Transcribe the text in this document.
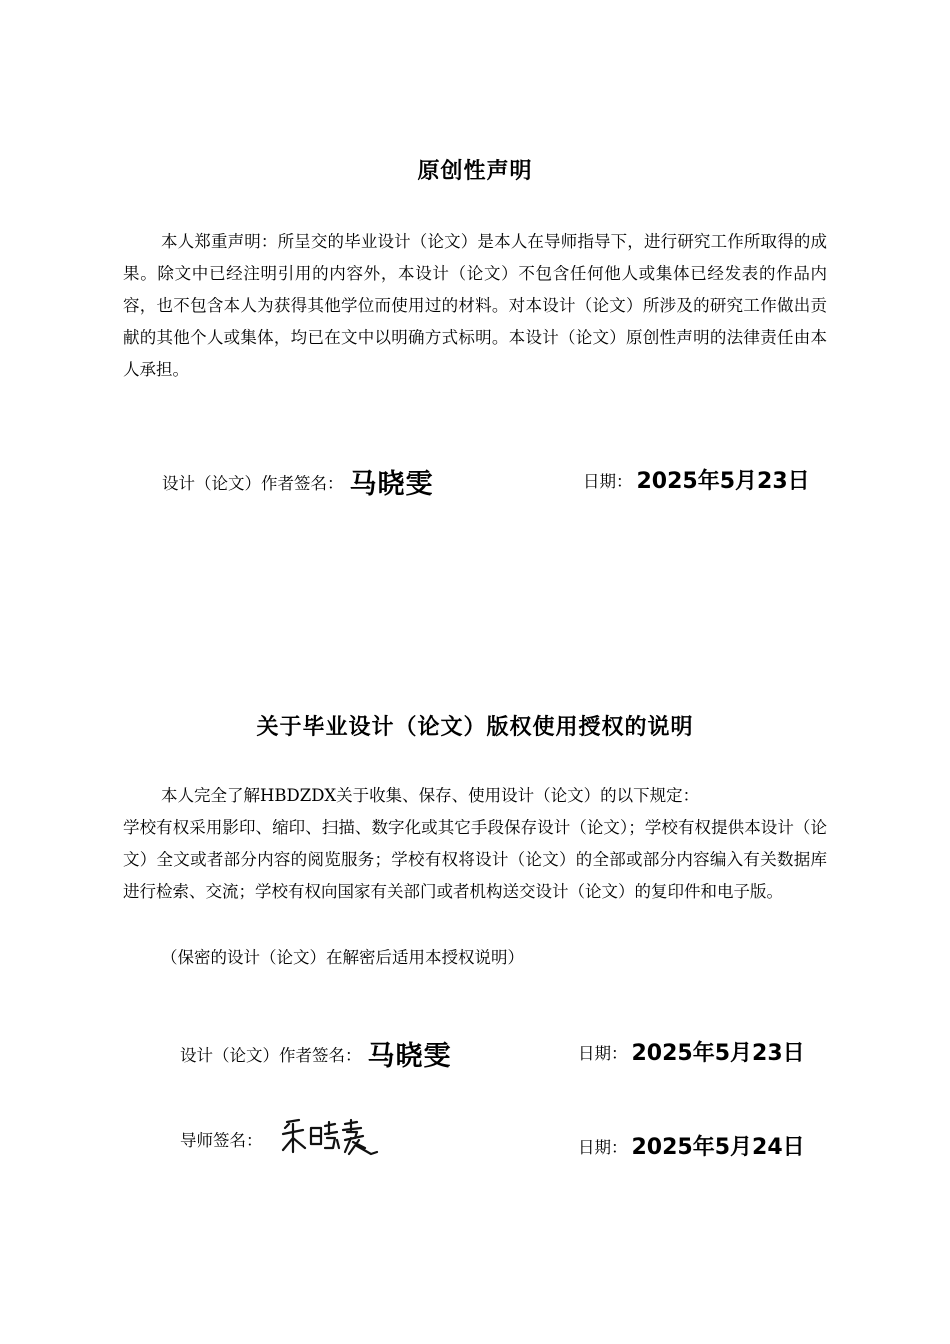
原创性声明
本人郑重声明：所呈交的毕业设计（论文）是本人在导师指导下，进行研究工作所取得的成果。除文中已经注明引用的内容外，本设计（论文）不包含任何他人或集体已经发表的作品内容，也不包含本人为获得其他学位而使用过的材料。对本设计（论文）所涉及的研究工作做出贡献的其他个人或集体，均已在文中以明确方式标明。本设计（论文）原创性声明的法律责任由本人承担。
设计（论文）作者签名： 马晓雯	日期： 2025年5月23日
关于毕业设计（论文）版权使用授权的说明
本人完全了解HBDZDX关于收集、保存、使用设计（论文）的以下规定：
学校有权采用影印、缩印、扫描、数字化或其它手段保存设计（论文）；学校有权提供本设计（论文）全文或者部分内容的阅览服务；学校有权将设计（论文）的全部或部分内容编入有关数据库进行检索、交流；学校有权向国家有关部门或者机构送交设计（论文）的复印件和电子版。
（保密的设计（论文）在解密后适用本授权说明）
设计（论文）作者签名： 马晓雯	日期： 2025年5月23日
导师签名：	日期： 2025年5月24日
